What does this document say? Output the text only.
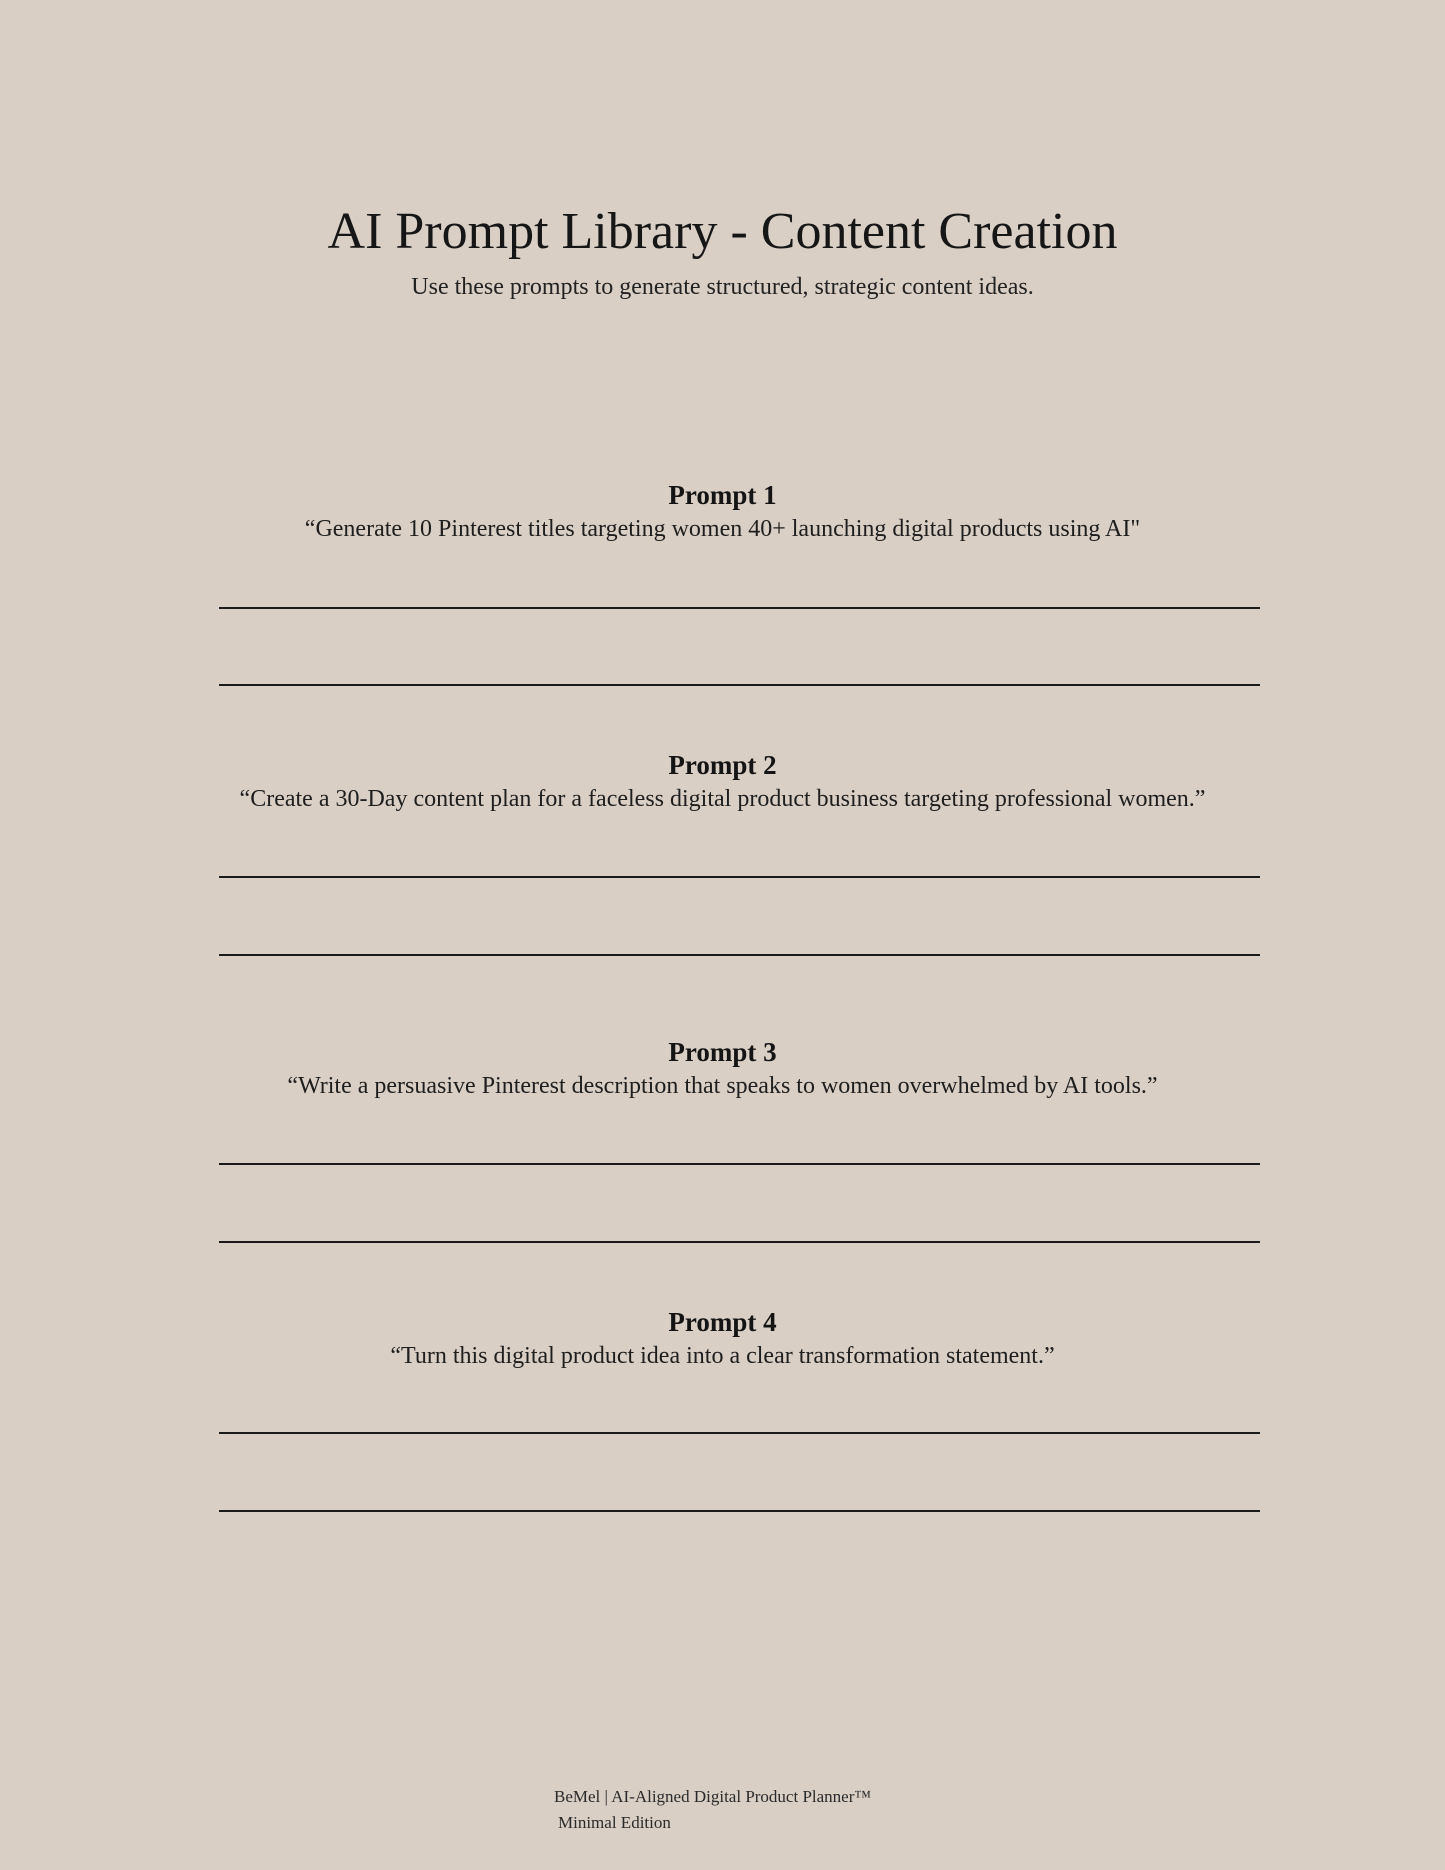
AI Prompt Library - Content Creation

Use these prompts to generate structured, strategic content ideas.

Prompt 1
“Generate 10 Pinterest titles targeting women 40+ launching digital products using AI"
Prompt 2
“Create a 30-Day content plan for a faceless digital product business targeting professional women.”
Prompt 3
“Write a persuasive Pinterest description that speaks to women overwhelmed by AI tools.”
Prompt 4
“Turn this digital product idea into a clear transformation statement.”
BeMel | AI-Aligned Digital Product Planner™
Minimal Edition
